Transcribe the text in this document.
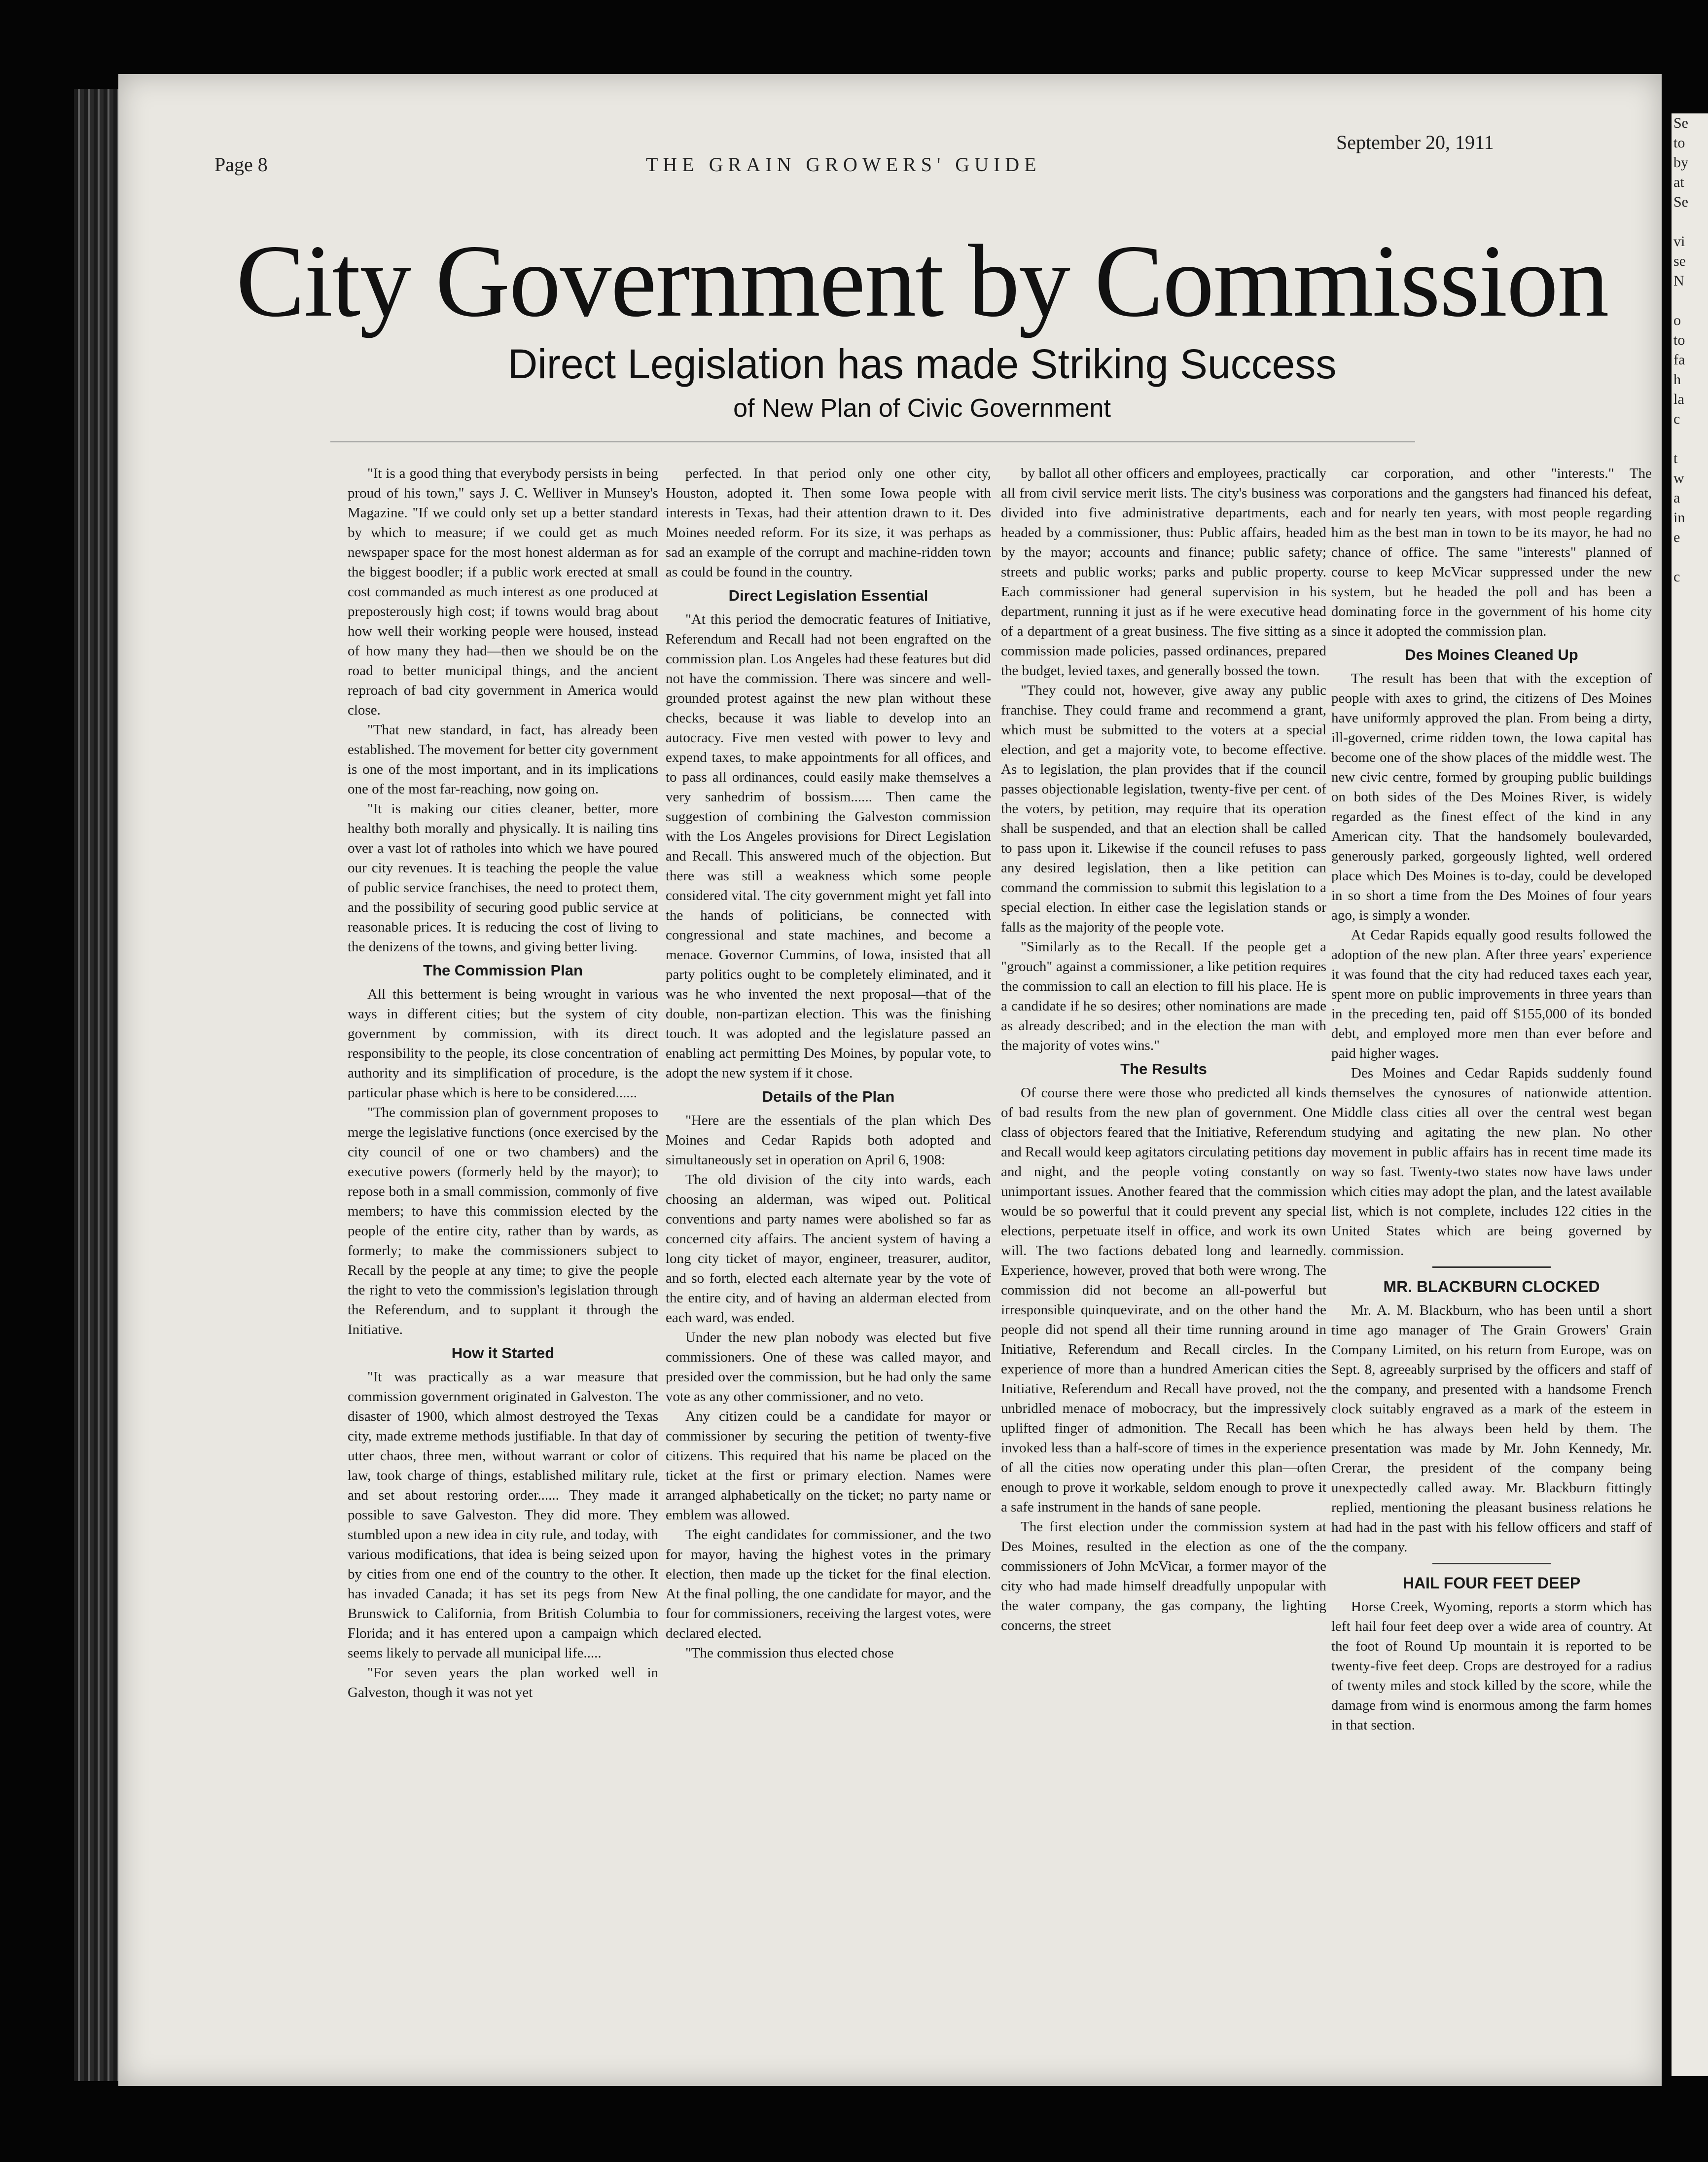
Se
to
by
at
Se

vi
se
N

o
to
fa
h
la
c

t
w
a
in
e

c
Page 8	THE GRAIN GROWERS' GUIDE
September 20, 1911
City Government by Commission
Direct Legislation has made Striking Success
of New Plan of Civic Government

"It is a good thing that everybody persists in being proud of his town," says J. C. Welliver in Munsey's Magazine. "If we could only set up a better standard by which to measure; if we could get as much newspaper space for the most honest alderman as for the biggest boodler; if a public work erected at small cost commanded as much interest as one produced at preposterously high cost; if towns would brag about how well their working people were housed, instead of how many they had—then we should be on the road to better municipal things, and the ancient reproach of bad city government in America would close.

"That new standard, in fact, has already been established. The movement for better city government is one of the most important, and in its implications one of the most far-reaching, now going on.

"It is making our cities cleaner, better, more healthy both morally and physically. It is nailing tins over a vast lot of ratholes into which we have poured our city revenues. It is teaching the people the value of public service franchises, the need to protect them, and the possibility of securing good public service at reasonable prices. It is reducing the cost of living to the denizens of the towns, and giving better living.

The Commission Plan

All this betterment is being wrought in various ways in different cities; but the system of city government by commission, with its direct responsibility to the people, its close concentration of authority and its simplification of procedure, is the particular phase which is here to be considered......

"The commission plan of government proposes to merge the legislative functions (once exercised by the city council of one or two chambers) and the executive powers (formerly held by the mayor); to repose both in a small commission, commonly of five members; to have this commission elected by the people of the entire city, rather than by wards, as formerly; to make the commissioners subject to Recall by the people at any time; to give the people the right to veto the commission's legislation through the Referendum, and to supplant it through the Initiative.

How it Started

"It was practically as a war measure that commission government originated in Galveston. The disaster of 1900, which almost destroyed the Texas city, made extreme methods justifiable. In that day of utter chaos, three men, without warrant or color of law, took charge of things, established military rule, and set about restoring order...... They made it possible to save Galveston. They did more. They stumbled upon a new idea in city rule, and today, with various modifications, that idea is being seized upon by cities from one end of the country to the other. It has invaded Canada; it has set its pegs from New Brunswick to California, from British Columbia to Florida; and it has entered upon a campaign which seems likely to pervade all municipal life.....

"For seven years the plan worked well in Galveston, though it was not yet

perfected. In that period only one other city, Houston, adopted it. Then some Iowa people with interests in Texas, had their attention drawn to it. Des Moines needed reform. For its size, it was perhaps as sad an example of the corrupt and machine-ridden town as could be found in the country.

Direct Legislation Essential

"At this period the democratic features of Initiative, Referendum and Recall had not been engrafted on the commission plan. Los Angeles had these features but did not have the commission. There was sincere and well-grounded protest against the new plan without these checks, because it was liable to develop into an autocracy. Five men vested with power to levy and expend taxes, to make appointments for all offices, and to pass all ordinances, could easily make themselves a very sanhedrim of bossism...... Then came the suggestion of combining the Galveston commission with the Los Angeles provisions for Direct Legislation and Recall. This answered much of the objection. But there was still a weakness which some people considered vital. The city government might yet fall into the hands of politicians, be connected with congressional and state machines, and become a menace. Governor Cummins, of Iowa, insisted that all party politics ought to be completely eliminated, and it was he who invented the next proposal—that of the double, non-partizan election. This was the finishing touch. It was adopted and the legislature passed an enabling act permitting Des Moines, by popular vote, to adopt the new system if it chose.

Details of the Plan

"Here are the essentials of the plan which Des Moines and Cedar Rapids both adopted and simultaneously set in operation on April 6, 1908:

The old division of the city into wards, each choosing an alderman, was wiped out. Political conventions and party names were abolished so far as concerned city affairs. The ancient system of having a long city ticket of mayor, engineer, treasurer, auditor, and so forth, elected each alternate year by the vote of the entire city, and of having an alderman elected from each ward, was ended.

Under the new plan nobody was elected but five commissioners. One of these was called mayor, and presided over the commission, but he had only the same vote as any other commissioner, and no veto.

Any citizen could be a candidate for mayor or commissioner by securing the petition of twenty-five citizens. This required that his name be placed on the ticket at the first or primary election. Names were arranged alphabetically on the ticket; no party name or emblem was allowed.

The eight candidates for commissioner, and the two for mayor, having the highest votes in the primary election, then made up the ticket for the final election. At the final polling, the one candidate for mayor, and the four for commissioners, receiving the largest votes, were declared elected.

"The commission thus elected chose

by ballot all other officers and employees, practically all from civil service merit lists. The city's business was divided into five administrative departments, each headed by a commissioner, thus: Public affairs, headed by the mayor; accounts and finance; public safety; streets and public works; parks and public property. Each commissioner had general supervision in his department, running it just as if he were executive head of a department of a great business. The five sitting as a commission made policies, passed ordinances, prepared the budget, levied taxes, and generally bossed the town.

"They could not, however, give away any public franchise. They could frame and recommend a grant, which must be submitted to the voters at a special election, and get a majority vote, to become effective. As to legislation, the plan provides that if the council passes objectionable legislation, twenty-five per cent. of the voters, by petition, may require that its operation shall be suspended, and that an election shall be called to pass upon it. Likewise if the council refuses to pass any desired legislation, then a like petition can command the commission to submit this legislation to a special election. In either case the legislation stands or falls as the majority of the people vote.

"Similarly as to the Recall. If the people get a "grouch" against a commissioner, a like petition requires the commission to call an election to fill his place. He is a candidate if he so desires; other nominations are made as already described; and in the election the man with the majority of votes wins."

The Results

Of course there were those who predicted all kinds of bad results from the new plan of government. One class of objectors feared that the Initiative, Referendum and Recall would keep agitators circulating petitions day and night, and the people voting constantly on unimportant issues. Another feared that the commission would be so powerful that it could prevent any special elections, perpetuate itself in office, and work its own will. The two factions debated long and learnedly. Experience, however, proved that both were wrong. The commission did not become an all-powerful but irresponsible quinquevirate, and on the other hand the people did not spend all their time running around in Initiative, Referendum and Recall circles. In the experience of more than a hundred American cities the Initiative, Referendum and Recall have proved, not the unbridled menace of mobocracy, but the impressively uplifted finger of admonition. The Recall has been invoked less than a half-score of times in the experience of all the cities now operating under this plan—often enough to prove it workable, seldom enough to prove it a safe instrument in the hands of sane people.

The first election under the commission system at Des Moines, resulted in the election as one of the commissioners of John McVicar, a former mayor of the city who had made himself dreadfully unpopular with the water company, the gas company, the lighting concerns, the street

car corporation, and other "interests." The corporations and the gangsters had financed his defeat, and for nearly ten years, with most people regarding him as the best man in town to be its mayor, he had no chance of office. The same "interests" planned of course to keep McVicar suppressed under the new system, but he headed the poll and has been a dominating force in the government of his home city since it adopted the commission plan.

Des Moines Cleaned Up

The result has been that with the exception of people with axes to grind, the citizens of Des Moines have uniformly approved the plan. From being a dirty, ill-governed, crime ridden town, the Iowa capital has become one of the show places of the middle west. The new civic centre, formed by grouping public buildings on both sides of the Des Moines River, is widely regarded as the finest effect of the kind in any American city. That the handsomely boulevarded, generously parked, gorgeously lighted, well ordered place which Des Moines is to-day, could be developed in so short a time from the Des Moines of four years ago, is simply a wonder.

At Cedar Rapids equally good results followed the adoption of the new plan. After three years' experience it was found that the city had reduced taxes each year, spent more on public improvements in three years than in the preceding ten, paid off $155,000 of its bonded debt, and employed more men than ever before and paid higher wages.

Des Moines and Cedar Rapids suddenly found themselves the cynosures of nationwide attention. Middle class cities all over the central west began studying and agitating the new plan. No other movement in public affairs has in recent time made its way so fast. Twenty-two states now have laws under which cities may adopt the plan, and the latest available list, which is not complete, includes 122 cities in the United States which are being governed by commission.

MR. BLACKBURN CLOCKED

Mr. A. M. Blackburn, who has been until a short time ago manager of The Grain Growers' Grain Company Limited, on his return from Europe, was on Sept. 8, agreeably surprised by the officers and staff of the company, and presented with a handsome French clock suitably engraved as a mark of the esteem in which he has always been held by them. The presentation was made by Mr. John Kennedy, Mr. Crerar, the president of the company being unexpectedly called away. Mr. Blackburn fittingly replied, mentioning the pleasant business relations he had had in the past with his fellow officers and staff of the company.

HAIL FOUR FEET DEEP

Horse Creek, Wyoming, reports a storm which has left hail four feet deep over a wide area of country. At the foot of Round Up mountain it is reported to be twenty-five feet deep. Crops are destroyed for a radius of twenty miles and stock killed by the score, while the damage from wind is enormous among the farm homes in that section.
